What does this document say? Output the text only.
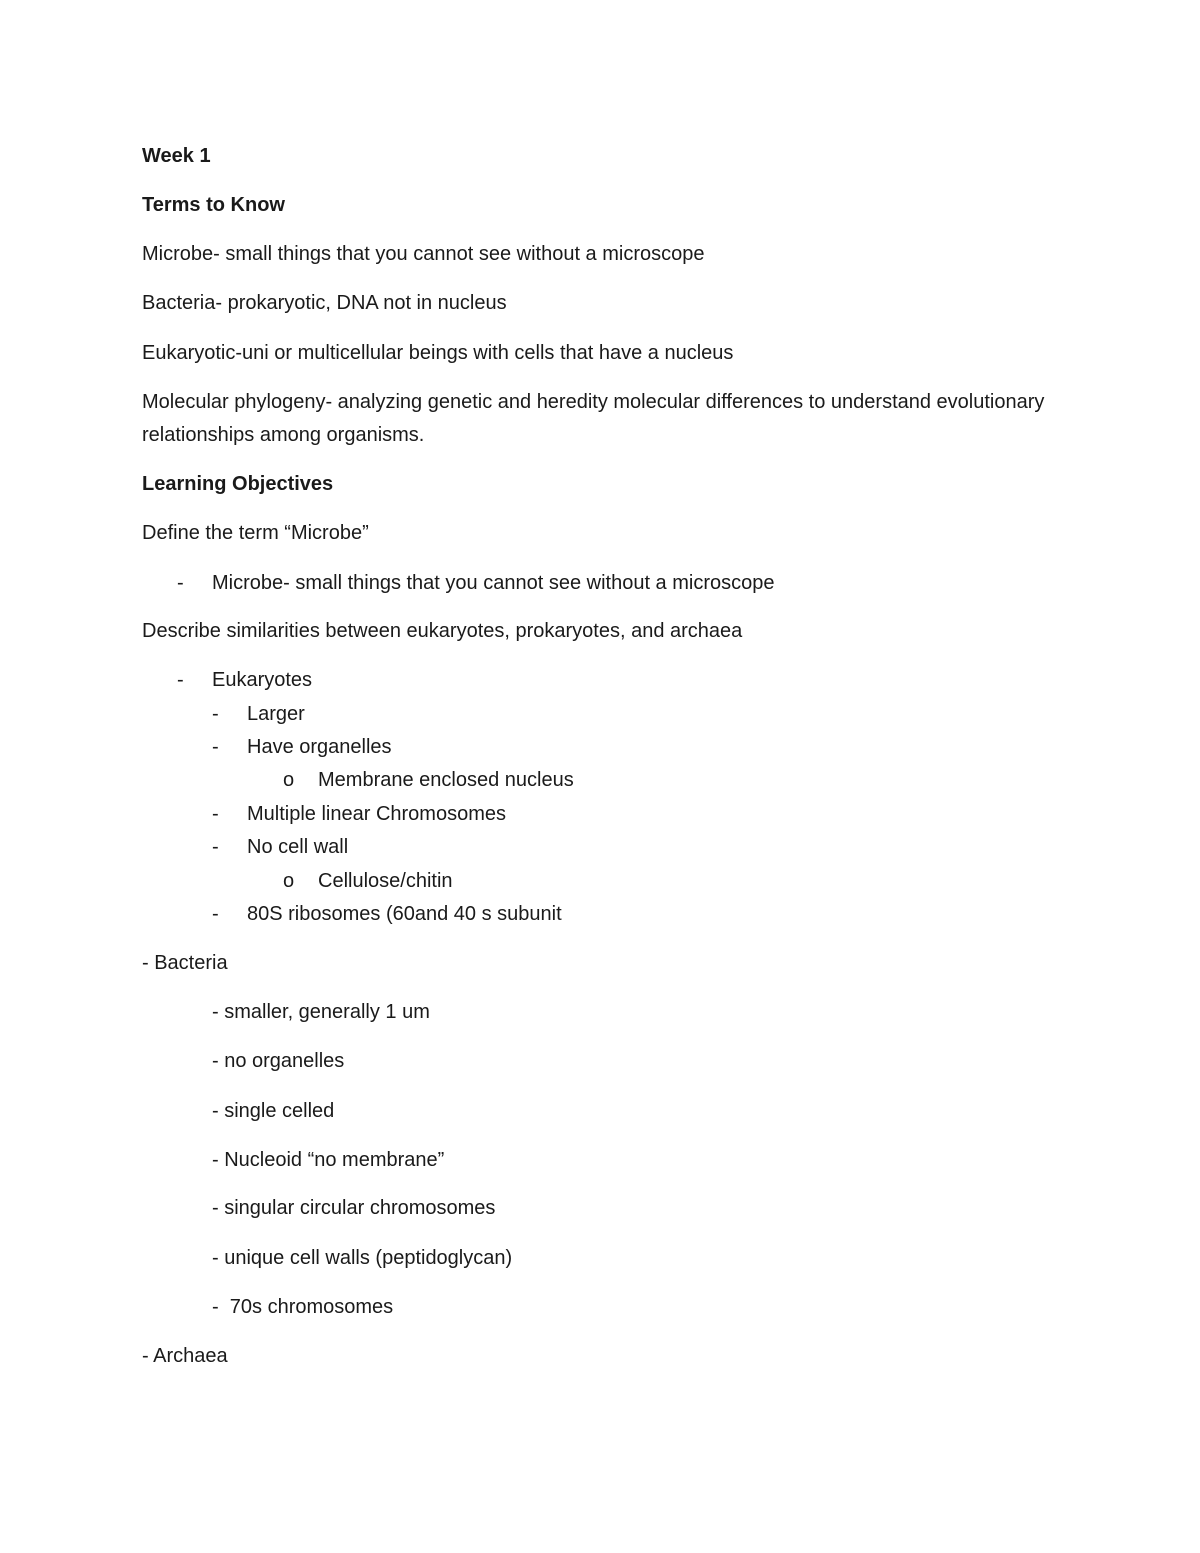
Week 1
Terms to Know
Microbe- small things that you cannot see without a microscope
Bacteria- prokaryotic, DNA not in nucleus
Eukaryotic-uni or multicellular beings with cells that have a nucleus
Molecular phylogeny- analyzing genetic and heredity molecular differences to understand evolutionary relationships among organisms.
Learning Objectives
Define the term “Microbe”
- Microbe- small things that you cannot see without a microscope
Describe similarities between eukaryotes, prokaryotes, and archaea
- Eukaryotes
- Larger
- Have organelles
o Membrane enclosed nucleus
- Multiple linear Chromosomes
- No cell wall
o Cellulose/chitin
- 80S ribosomes (60and 40 s subunit
- Bacteria
- smaller, generally 1 um
- no organelles
- single celled
- Nucleoid “no membrane”
- singular circular chromosomes
- unique cell walls (peptidoglycan)
-  70s chromosomes
- Archaea
